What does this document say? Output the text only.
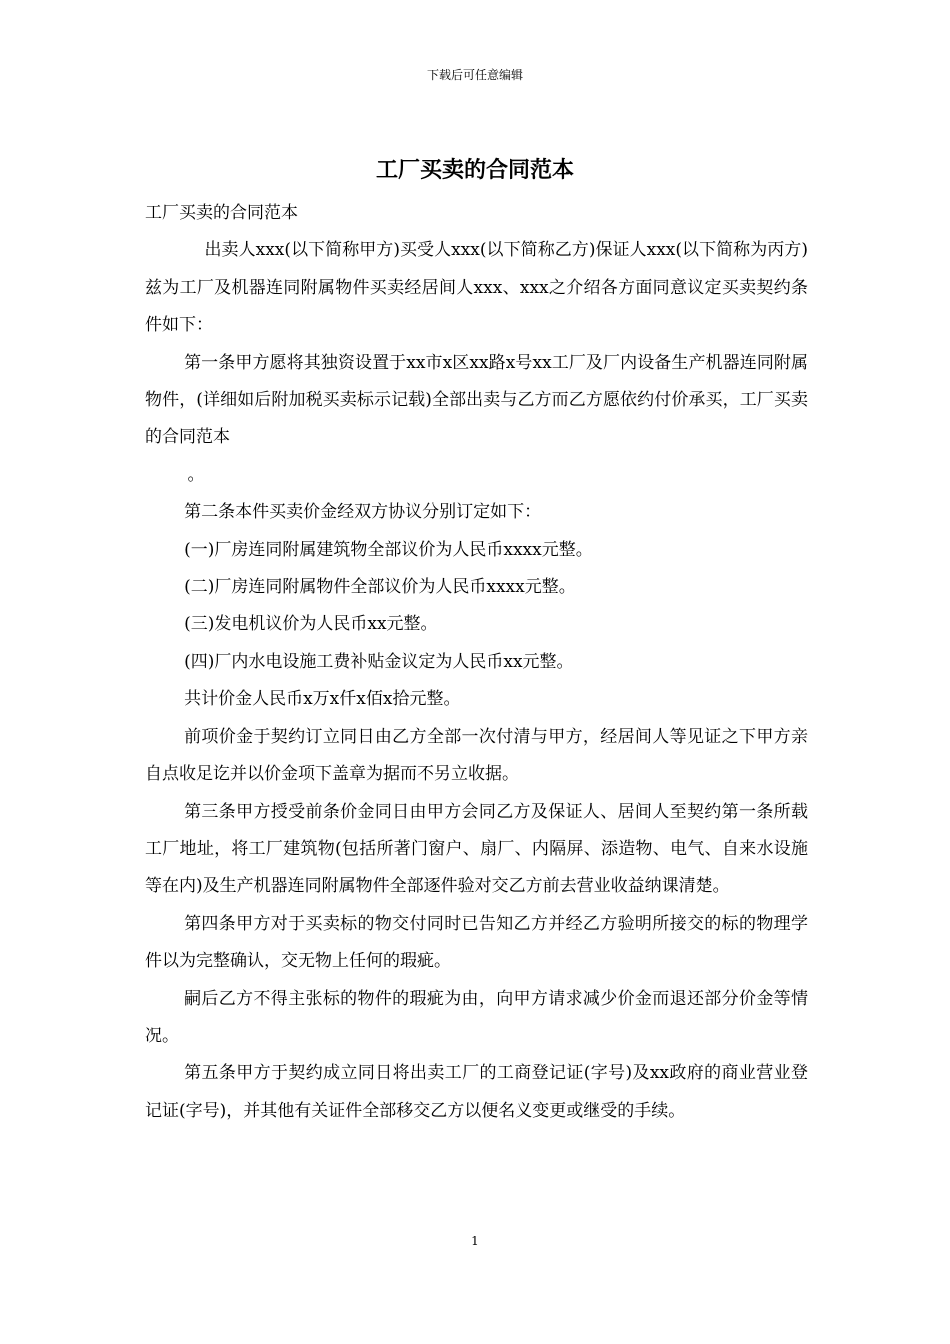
下载后可任意编辑
工厂买卖的合同范本

工厂买卖的合同范本

出卖人xxx(以下简称甲方)买受人xxx(以下简称乙方)保证人xxx(以下简称为丙方)兹为工厂及机器连同附属物件买卖经居间人xxx、xxx之介绍各方面同意议定买卖契约条件如下：

第一条甲方愿将其独资设置于xx市x区xx路x号xx工厂及厂内设备生产机器连同附属物件，(详细如后附加税买卖标示记载)全部出卖与乙方而乙方愿依约付价承买，工厂买卖的合同范本

。

第二条本件买卖价金经双方协议分别订定如下：

(一)厂房连同附属建筑物全部议价为人民币xxxx元整。

(二)厂房连同附属物件全部议价为人民币xxxx元整。

(三)发电机议价为人民币xx元整。

(四)厂内水电设施工费补贴金议定为人民币xx元整。

共计价金人民币x万x仟x佰x拾元整。

前项价金于契约订立同日由乙方全部一次付清与甲方，经居间人等见证之下甲方亲自点收足讫并以价金项下盖章为据而不另立收据。

第三条甲方授受前条价金同日由甲方会同乙方及保证人、居间人至契约第一条所载工厂地址，将工厂建筑物(包括所著门窗户、扇厂、内隔屏、添造物、电气、自来水设施等在内)及生产机器连同附属物件全部逐件验对交乙方前去营业收益纳课清楚。

第四条甲方对于买卖标的物交付同时已告知乙方并经乙方验明所接交的标的物理学件以为完整确认，交无物上任何的瑕疵。

嗣后乙方不得主张标的物件的瑕疵为由，向甲方请求减少价金而退还部分价金等情况。

第五条甲方于契约成立同日将出卖工厂的工商登记证(字号)及xx政府的商业营业登记证(字号)，并其他有关证件全部移交乙方以便名义变更或继受的手续。

1
